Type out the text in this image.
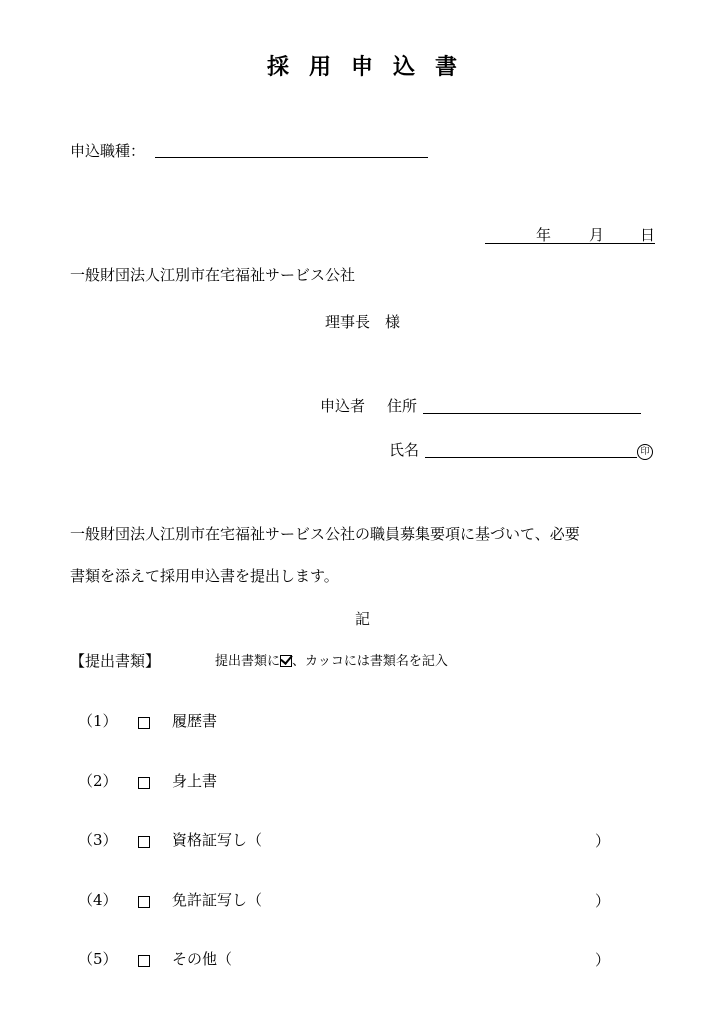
採用申込書
申込職種：
年	月 日
一般財団法人江別市在宅福祉サービス公社
理事長　様
申込者 住所
氏名	印
一般財団法人江別市在宅福祉サービス公社の職員募集要項に基づいて、必要
書類を添えて採用申込書を提出します。
記
【提出書類】	提出書類に 、カッコには書類名を記入
（1）	履歴書
（2）	身上書
（3）	資格証写し（	）
（4）	免許証写し（	）
（5）	その他（	）
